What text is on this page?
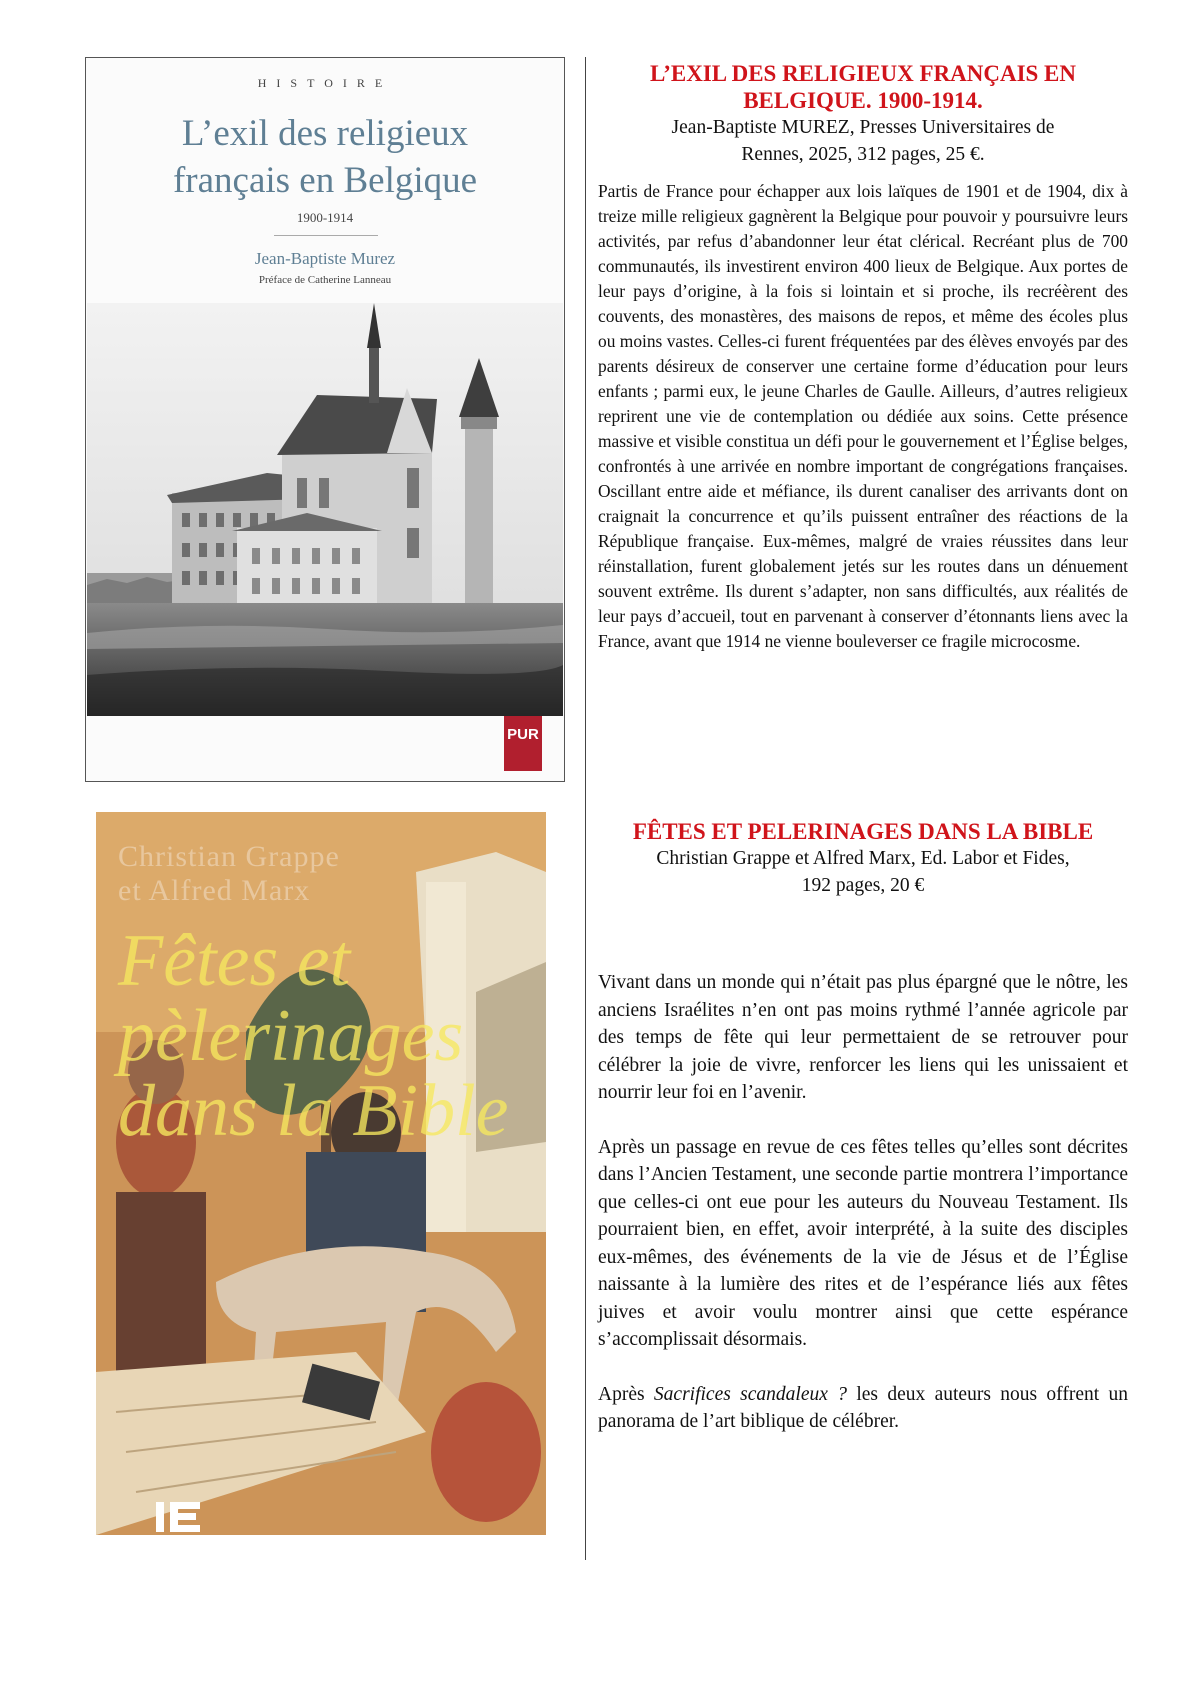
HISTOIRE
L’exil des religieux
français en Belgique
1900-1914
Jean-Baptiste Murez
Préface de Catherine Lanneau
PUR
Christian Grappe
et Alfred Marx
Fêtes et
pèlerinages
dans la Bible

L’EXIL DES RELIGIEUX FRANÇAIS EN
BELGIQUE. 1900-1914.

Jean-Baptiste MUREZ, Presses Universitaires de
Rennes, 2025, 312 pages, 25 €.

Partis de France pour échapper aux lois laïques de 1901 et de 1904, dix à treize mille religieux gagnèrent la Belgique pour pouvoir y poursuivre leurs activités, par refus d’abandonner leur état clérical. Recréant plus de 700 communautés, ils investirent environ 400 lieux de Belgique. Aux portes de leur pays d’origine, à la fois si lointain et si proche, ils recréèrent des couvents, des monastères, des maisons de repos, et même des écoles plus ou moins vastes. Celles-ci furent fréquentées par des élèves envoyés par des parents désireux de conserver une certaine forme d’éducation pour leurs enfants ; parmi eux, le jeune Charles de Gaulle. Ailleurs, d’autres religieux reprirent une vie de contemplation ou dédiée aux soins. Cette présence massive et visible constitua un défi pour le gouvernement et l’Église belges, confrontés à une arrivée en nombre important de congrégations françaises. Oscillant entre aide et méfiance, ils durent canaliser des arrivants dont on craignait la concurrence et qu’ils puissent entraîner des réactions de la République française. Eux-mêmes, malgré de vraies réussites dans leur réinstallation, furent globalement jetés sur les routes dans un dénuement souvent extrême. Ils durent s’adapter, non sans difficultés, aux réalités de leur pays d’accueil, tout en parvenant à conserver d’étonnants liens avec la France, avant que 1914 ne vienne bouleverser ce fragile microcosme.

FÊTES ET PELERINAGES DANS LA BIBLE

Christian Grappe et Alfred Marx, Ed. Labor et Fides,
192 pages, 20 €

Vivant dans un monde qui n’était pas plus épargné que le nôtre, les anciens Israélites n’en ont pas moins rythmé l’année agricole par des temps de fête qui leur permettaient de se retrouver pour célébrer la joie de vivre, renforcer les liens qui les unissaient et nourrir leur foi en l’avenir.

Après un passage en revue de ces fêtes telles qu’elles sont décrites dans l’Ancien Testament, une seconde partie montrera l’importance que celles-ci ont eue pour les auteurs du Nouveau Testament. Ils pourraient bien, en effet, avoir interprété, à la suite des disciples eux-mêmes, des événements de la vie de Jésus et de l’Église naissante à la lumière des rites et de l’espérance liés aux fêtes juives et avoir voulu montrer ainsi que cette espérance s’accomplissait désormais.

Après Sacrifices scandaleux ? les deux auteurs nous offrent un panorama de l’art biblique de célébrer.
